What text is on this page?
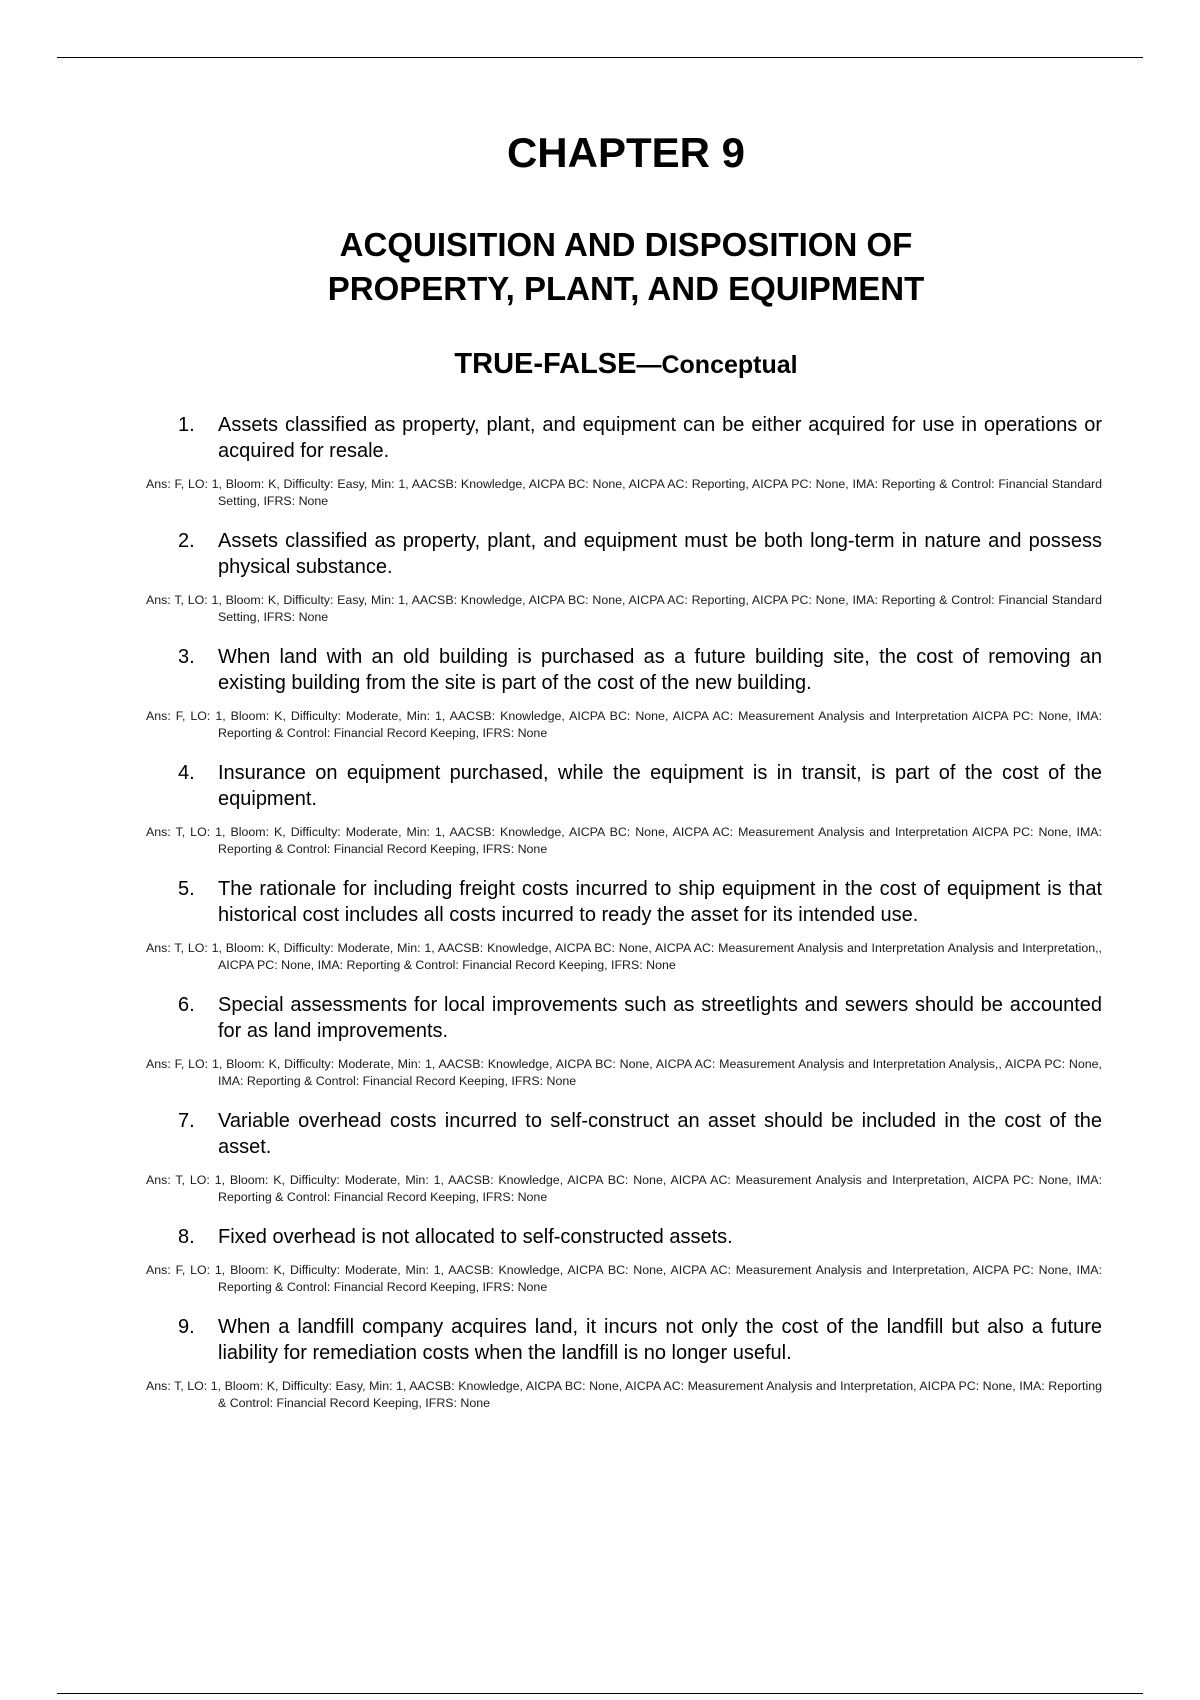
CHAPTER 9
ACQUISITION AND DISPOSITION OF
PROPERTY, PLANT, AND EQUIPMENT
TRUE-FALSE—Conceptual
1.	Assets classified as property, plant, and equipment can be either acquired for use in operations or acquired for resale.
Ans: F, LO: 1, Bloom: K, Difficulty: Easy, Min: 1, AACSB: Knowledge, AICPA BC: None, AICPA AC: Reporting, AICPA PC: None, IMA: Reporting & Control: Financial Standard Setting, IFRS: None
2.	Assets classified as property, plant, and equipment must be both long-term in nature and possess physical substance.
Ans: T, LO: 1, Bloom: K, Difficulty: Easy, Min: 1, AACSB: Knowledge, AICPA BC: None, AICPA AC: Reporting, AICPA PC: None, IMA: Reporting & Control: Financial Standard Setting, IFRS: None
3.	When land with an old building is purchased as a future building site, the cost of removing an existing building from the site is part of the cost of the new building.
Ans: F, LO: 1, Bloom: K, Difficulty: Moderate, Min: 1, AACSB: Knowledge, AICPA BC: None, AICPA AC: Measurement Analysis and Interpretation AICPA PC: None, IMA: Reporting & Control: Financial Record Keeping, IFRS: None
4.	Insurance on equipment purchased, while the equipment is in transit, is part of the cost of the equipment.
Ans: T, LO: 1, Bloom: K, Difficulty: Moderate, Min: 1, AACSB: Knowledge, AICPA BC: None, AICPA AC: Measurement Analysis and Interpretation AICPA PC: None, IMA: Reporting & Control: Financial Record Keeping, IFRS: None
5.	The rationale for including freight costs incurred to ship equipment in the cost of equipment is that historical cost includes all costs incurred to ready the asset for its intended use.
Ans: T, LO: 1, Bloom: K, Difficulty: Moderate, Min: 1, AACSB: Knowledge, AICPA BC: None, AICPA AC: Measurement Analysis and Interpretation Analysis and Interpretation,, AICPA PC: None, IMA: Reporting & Control: Financial Record Keeping, IFRS: None
6.	Special assessments for local improvements such as streetlights and sewers should be accounted for as land improvements.
Ans: F, LO: 1, Bloom: K, Difficulty: Moderate, Min: 1, AACSB: Knowledge, AICPA BC: None, AICPA AC: Measurement Analysis and Interpretation Analysis,, AICPA PC: None, IMA: Reporting & Control: Financial Record Keeping, IFRS: None
7.	Variable overhead costs incurred to self-construct an asset should be included in the cost of the asset.
Ans: T, LO: 1, Bloom: K, Difficulty: Moderate, Min: 1, AACSB: Knowledge, AICPA BC: None, AICPA AC: Measurement Analysis and Interpretation, AICPA PC: None, IMA: Reporting & Control: Financial Record Keeping, IFRS: None
8.	Fixed overhead is not allocated to self-constructed assets.
Ans: F, LO: 1, Bloom: K, Difficulty: Moderate, Min: 1, AACSB: Knowledge, AICPA BC: None, AICPA AC: Measurement Analysis and Interpretation, AICPA PC: None, IMA: Reporting & Control: Financial Record Keeping, IFRS: None
9.	When a landfill company acquires land, it incurs not only the cost of the landfill but also a future liability for remediation costs when the landfill is no longer useful.
Ans: T, LO: 1, Bloom: K, Difficulty: Easy, Min: 1, AACSB: Knowledge, AICPA BC: None, AICPA AC: Measurement Analysis and Interpretation, AICPA PC: None, IMA: Reporting & Control: Financial Record Keeping, IFRS: None
